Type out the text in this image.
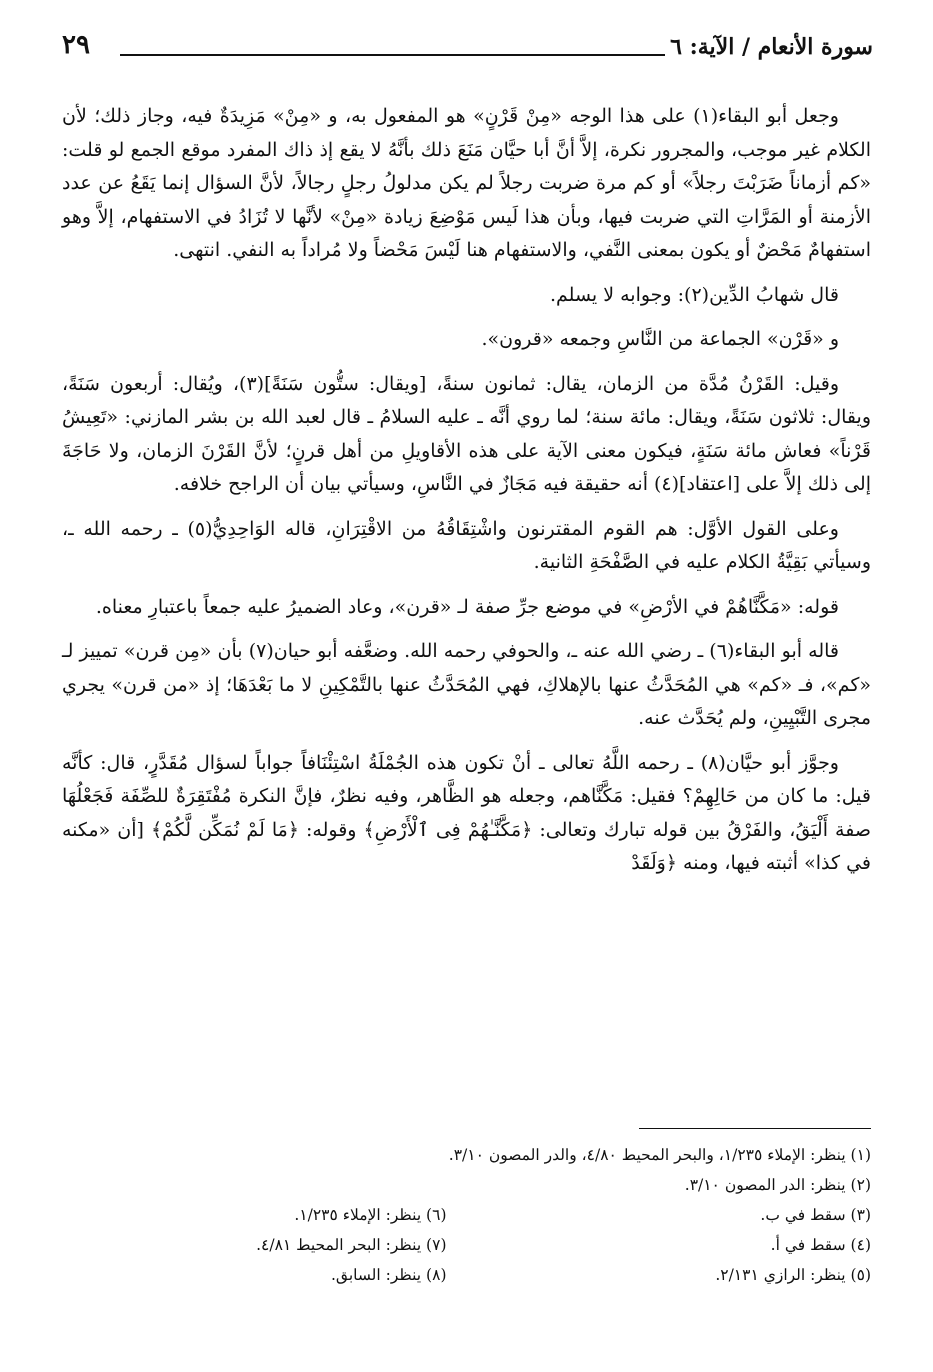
سورة الأنعام / الآية: ٦
٢٩

وجعل أبو البقاء(١) على هذا الوجه «مِنْ قَرْنٍ» هو المفعول به، و «مِنْ» مَزِيدَةٌ فيه، وجاز ذلك؛ لأن الكلام غير موجب، والمجرور نكرة، إلاَّ أنَّ أبا حيَّان مَنَعَ ذلك بأنَّهُ لا يقع إذ ذاك المفرد موقع الجمع لو قلت: «كم أزماناً ضَرَبْتَ رجلاً» أو كم مرة ضربت رجلاً لم يكن مدلولُ رجلٍ رجالاً، لأنَّ السؤال إنما يَقَعُ عن عدد الأزمنة أو المَرَّاتِ التي ضربت فيها، وبأن هذا لَيس مَوْضِعَ زيادة «مِنْ» لأنَّها لا تُزَادُ في الاستفهام، إلاَّ وهو استفهامٌ مَحْضٌ أو يكون بمعنى النَّفي، والاستفهام هنا لَيْسَ مَحْضاً ولا مُراداً به النفي. انتهى.

قال شهابُ الدِّين(٢): وجوابه لا يسلم.

و «قَرْن» الجماعة من النَّاسِ وجمعه «قرون».

وقيل: القَرْنُ مُدَّة من الزمان، يقال: ثمانون سنةً، [ويقال: ستُّون سَنَةً](٣)، ويُقال: أربعون سَنَةً، ويقال: ثلاثون سَنَةً، ويقال: مائة سنة؛ لما روي أنَّه ـ عليه السلامُ ـ قال لعبد الله بن بشر المازني: «تَعِيشُ قَرْناً» فعاش مائة سَنَةٍ، فيكون معنى الآية على هذه الأقاويلِ من أهل قرنٍ؛ لأنَّ القَرْنَ الزمان، ولا حَاجَةَ إلى ذلك إلاَّ على [اعتقاد](٤) أنه حقيقة فيه مَجَازٌ في النَّاسِ، وسيأتي بيان أن الراجح خلافه.

وعلى القول الأوَّل: هم القوم المقترنون واشْتِقَاقُهُ من الاقْتِرَانِ، قاله الوَاحِدِيُّ(٥) ـ رحمه الله ـ، وسيأتي بَقِيَّةُ الكلام عليه في الصَّفْحَةِ الثانية.

قوله: «مَكَّنَّاهُمْ في الأرْضِ» في موضع جرِّ صفة لـ «قرن»، وعاد الضميرُ عليه جمعاً باعتبارِ معناه.

قاله أبو البقاء(٦) ـ رضي الله عنه ـ، والحوفي رحمه الله. وضعَّفه أبو حيان(٧) بأن «مِن قرن» تمييز لـ «كم»، فـ «كم» هي المُحَدَّثُ عنها بالإهلاكِ، فهي المُحَدَّثُ عنها بالتَّمْكِينِ لا ما بَعْدَهَا؛ إذ «من قرن» يجري مجرى التَّبْيِينِ، ولم يُحَدَّث عنه.

وجوَّز أبو حيَّان(٨) ـ رحمه اللَّهُ تعالى ـ أنْ تكون هذه الجُمْلَةُ اسْتِئْنَافاً جواباً لسؤال مُقَدَّرٍ، قال: كأنَّه قيل: ما كان من حَالِهِمْ؟ فقيل: مَكَّنَّاهم، وجعله هو الظَّاهر، وفيه نظرٌ، فإنَّ النكرة مُفْتَقِرَةٌ للصِّفَة فَجَعْلُهَا صفة أَلْيَقُ، والفَرْقُ بين قوله تبارك وتعالى: ﴿مَكَّنَّـٰهُمْ فِى ٱلْأَرْضِ﴾ وقوله: ﴿مَا لَمْ نُمَكِّن لَّكُمْ﴾ [أن «مكنه في كذا» أثبته فيها، ومنه ﴿وَلَقَدْ

(١) ينظر: الإملاء ١/٢٣٥، والبحر المحيط ٤/٨٠، والدر المصون ٣/١٠.
(٢) ينظر: الدر المصون ٣/١٠.
(٣) سقط في ب.
(٦) ينظر: الإملاء ١/٢٣٥.
(٤) سقط في أ.
(٧) ينظر: البحر المحيط ٤/٨١.
(٥) ينظر: الرازي ٢/١٣١.
(٨) ينظر: السابق.
